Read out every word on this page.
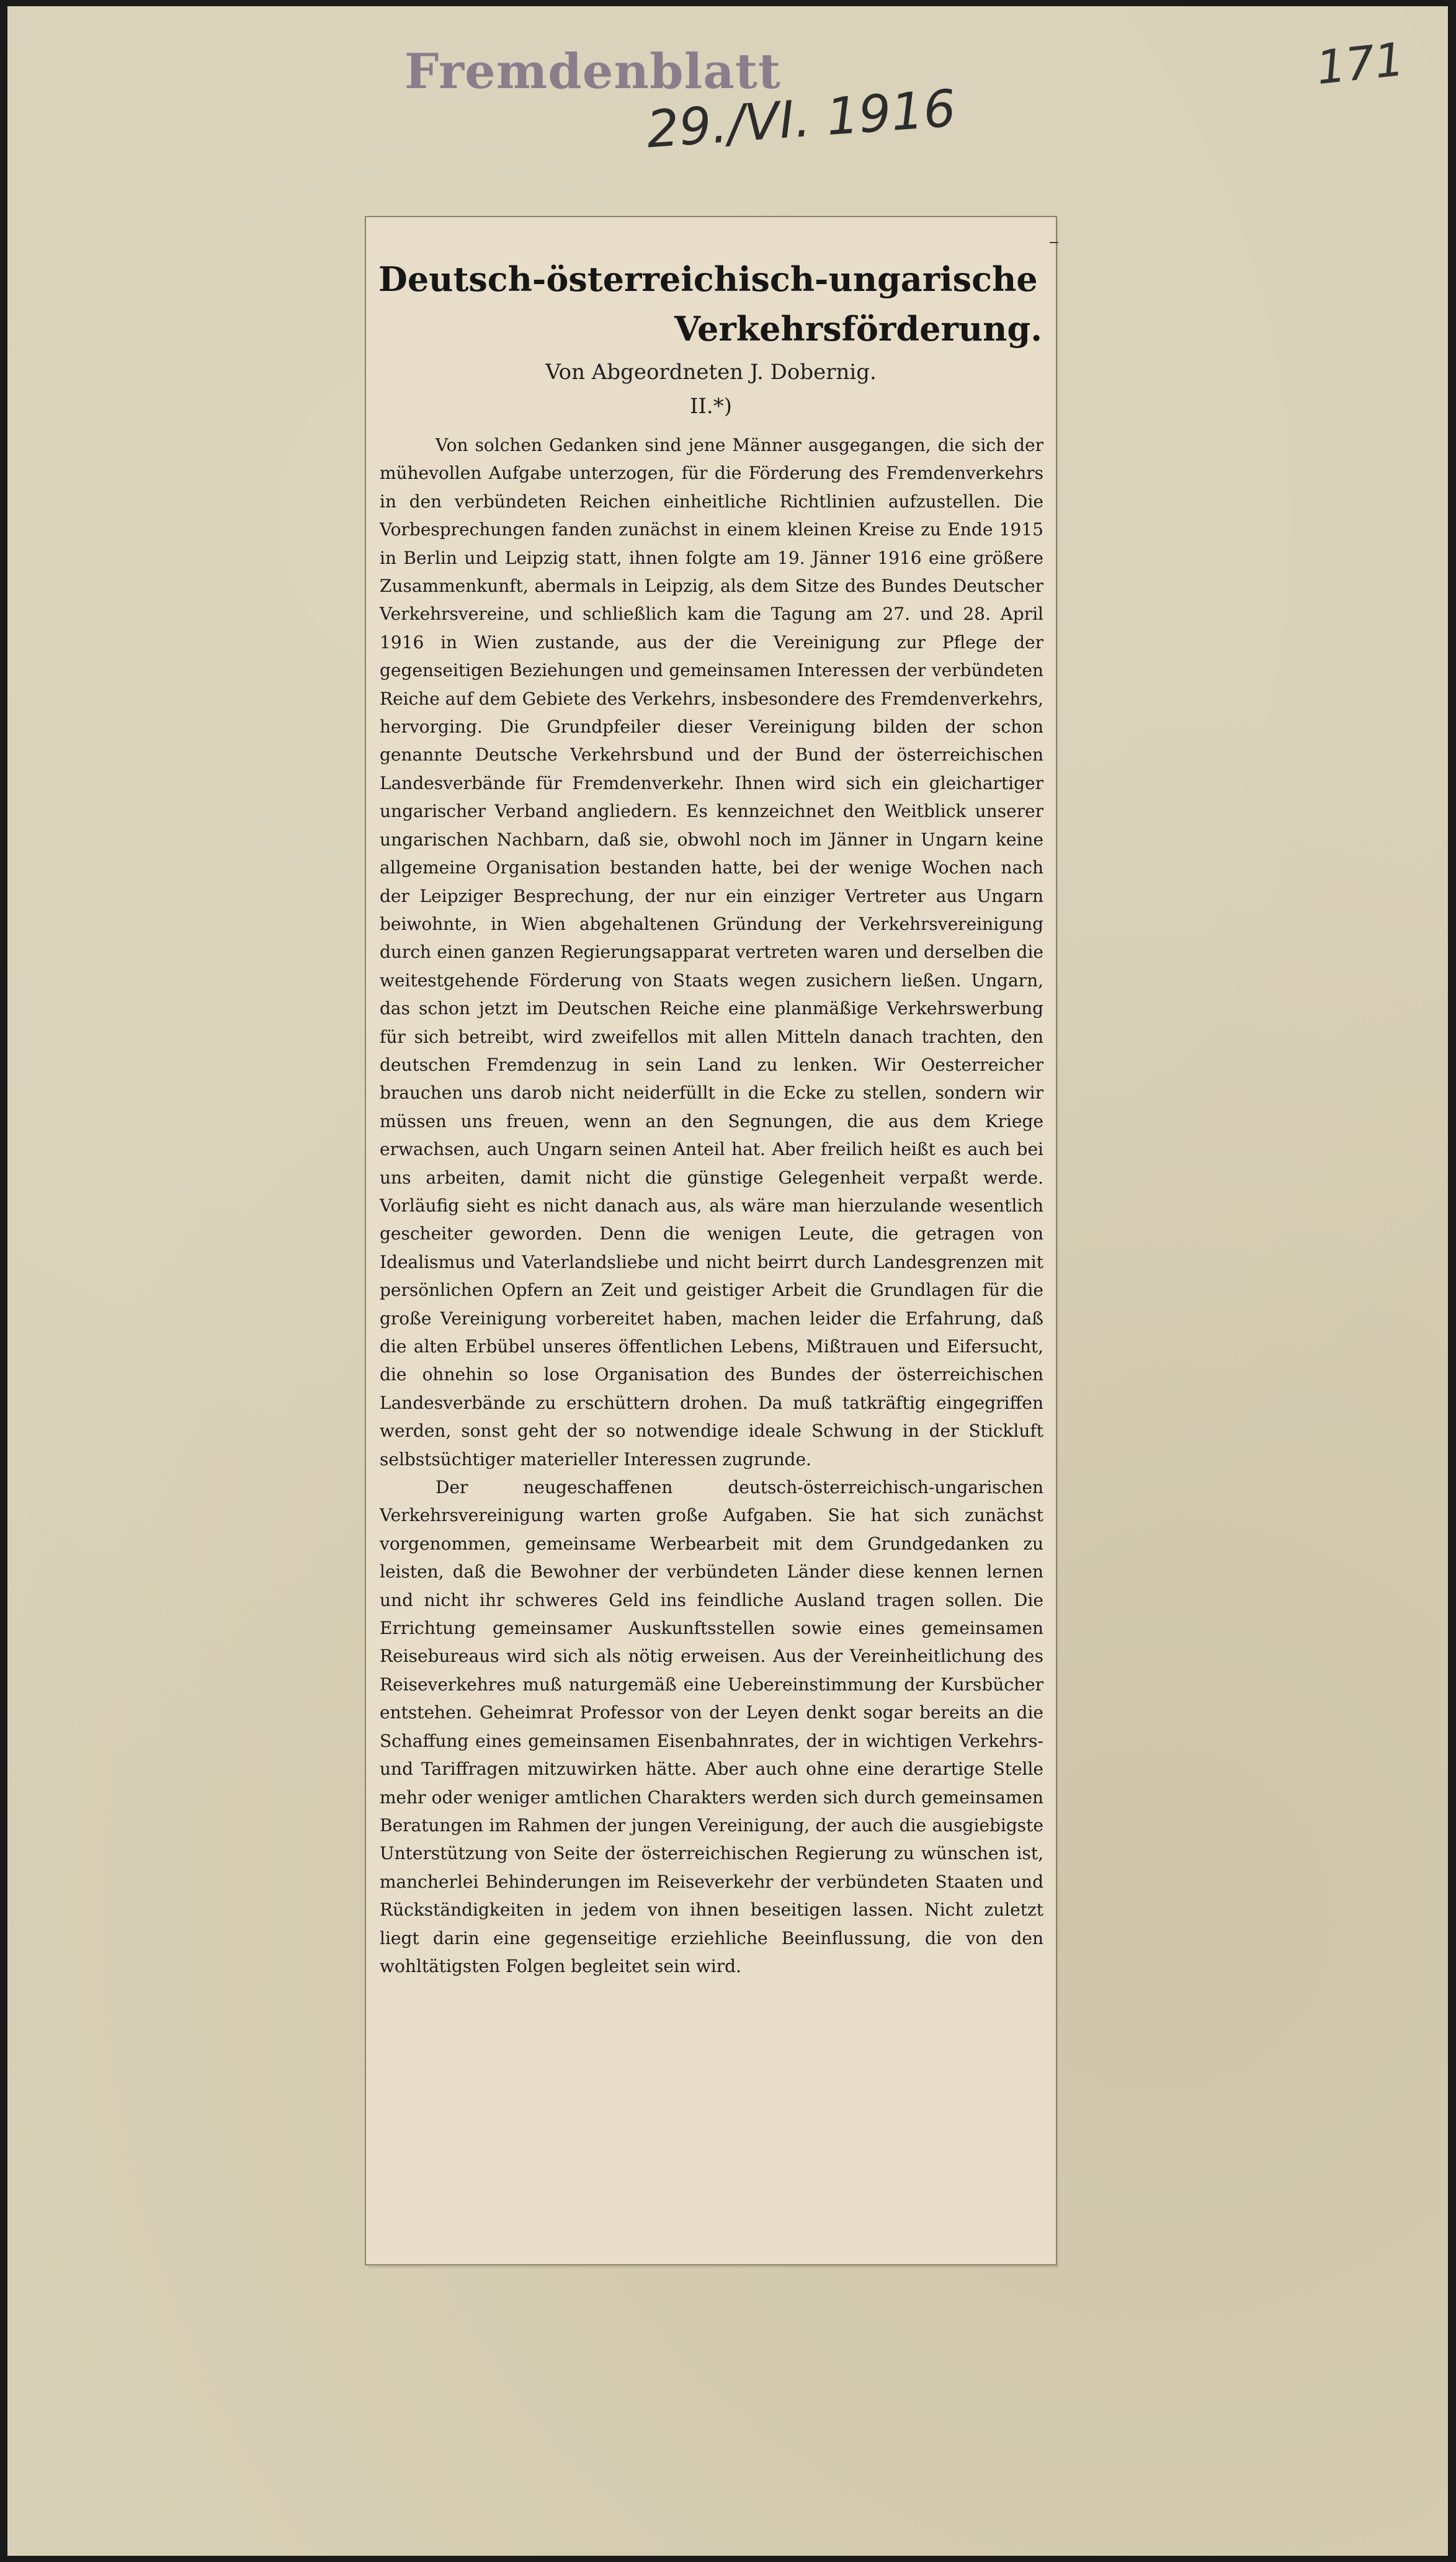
Fremdenblatt
29./VI. 1916
171
Deutsch-österreichisch-ungarische
Verkehrsförderung.
Von Abgeordneten J. Dobernig.
II.*)

Von solchen Gedanken sind jene Männer ausgegangen, die sich der mühevollen Aufgabe unterzogen, für die Förderung des Fremdenverkehrs in den verbündeten Reichen einheitliche Richtlinien aufzustellen. Die Vorbesprechungen fanden zunächst in einem kleinen Kreise zu Ende 1915 in Berlin und Leipzig statt, ihnen folgte am 19. Jänner 1916 eine größere Zusammenkunft, abermals in Leipzig, als dem Sitze des Bundes Deutscher Verkehrsvereine, und schließlich kam die Tagung am 27. und 28. April 1916 in Wien zustande, aus der die Vereinigung zur Pflege der gegenseitigen Beziehungen und gemeinsamen Interessen der verbündeten Reiche auf dem Gebiete des Verkehrs, insbesondere des Fremdenverkehrs, hervorging. Die Grundpfeiler dieser Vereinigung bilden der schon genannte Deutsche Verkehrsbund und der Bund der österreichischen Landesverbände für Fremdenverkehr. Ihnen wird sich ein gleichartiger ungarischer Verband angliedern. Es kennzeichnet den Weitblick unserer ungarischen Nachbarn, daß sie, obwohl noch im Jänner in Ungarn keine allgemeine Organisation bestanden hatte, bei der wenige Wochen nach der Leipziger Besprechung, der nur ein einziger Vertreter aus Ungarn beiwohnte, in Wien abgehaltenen Gründung der Verkehrsvereinigung durch einen ganzen Regierungsapparat vertreten waren und derselben die weitestgehende Förderung von Staats wegen zusichern ließen. Ungarn, das schon jetzt im Deutschen Reiche eine planmäßige Verkehrswerbung für sich betreibt, wird zweifellos mit allen Mitteln danach trachten, den deutschen Fremdenzug in sein Land zu lenken. Wir Oesterreicher brauchen uns darob nicht neiderfüllt in die Ecke zu stellen, sondern wir müssen uns freuen, wenn an den Segnungen, die aus dem Kriege erwachsen, auch Ungarn seinen Anteil hat. Aber freilich heißt es auch bei uns arbeiten, damit nicht die günstige Gelegenheit verpaßt werde. Vorläufig sieht es nicht danach aus, als wäre man hierzulande wesentlich gescheiter geworden. Denn die wenigen Leute, die getragen von Idealismus und Vaterlandsliebe und nicht beirrt durch Landesgrenzen mit persönlichen Opfern an Zeit und geistiger Arbeit die Grundlagen für die große Vereinigung vorbereitet haben, machen leider die Erfahrung, daß die alten Erbübel unseres öffentlichen Lebens, Mißtrauen und Eifersucht, die ohnehin so lose Organisation des Bundes der österreichischen Landesverbände zu erschüttern drohen. Da muß tatkräftig eingegriffen werden, sonst geht der so notwendige ideale Schwung in der Stickluft selbstsüchtiger materieller Interessen zugrunde.

Der neugeschaffenen deutsch-österreichisch-ungarischen Verkehrsvereinigung warten große Aufgaben. Sie hat sich zunächst vorgenommen, gemeinsame Werbearbeit mit dem Grundgedanken zu leisten, daß die Bewohner der verbündeten Länder diese kennen lernen und nicht ihr schweres Geld ins feindliche Ausland tragen sollen. Die Errichtung gemeinsamer Auskunftsstellen sowie eines gemeinsamen Reisebureaus wird sich als nötig erweisen. Aus der Vereinheitlichung des Reiseverkehres muß naturgemäß eine Uebereinstimmung der Kursbücher entstehen. Geheimrat Professor von der Leyen denkt sogar bereits an die Schaffung eines gemeinsamen Eisenbahnrates, der in wichtigen Verkehrs- und Tariffragen mitzuwirken hätte. Aber auch ohne eine derartige Stelle mehr oder weniger amtlichen Charakters werden sich durch gemeinsamen Beratungen im Rahmen der jungen Vereinigung, der auch die ausgiebigste Unterstützung von Seite der österreichischen Regierung zu wünschen ist, mancherlei Behinderungen im Reiseverkehr der verbündeten Staaten und Rückständigkeiten in jedem von ihnen beseitigen lassen. Nicht zuletzt liegt darin eine gegenseitige erziehliche Beeinflussung, die von den wohltätigsten Folgen begleitet sein wird.
